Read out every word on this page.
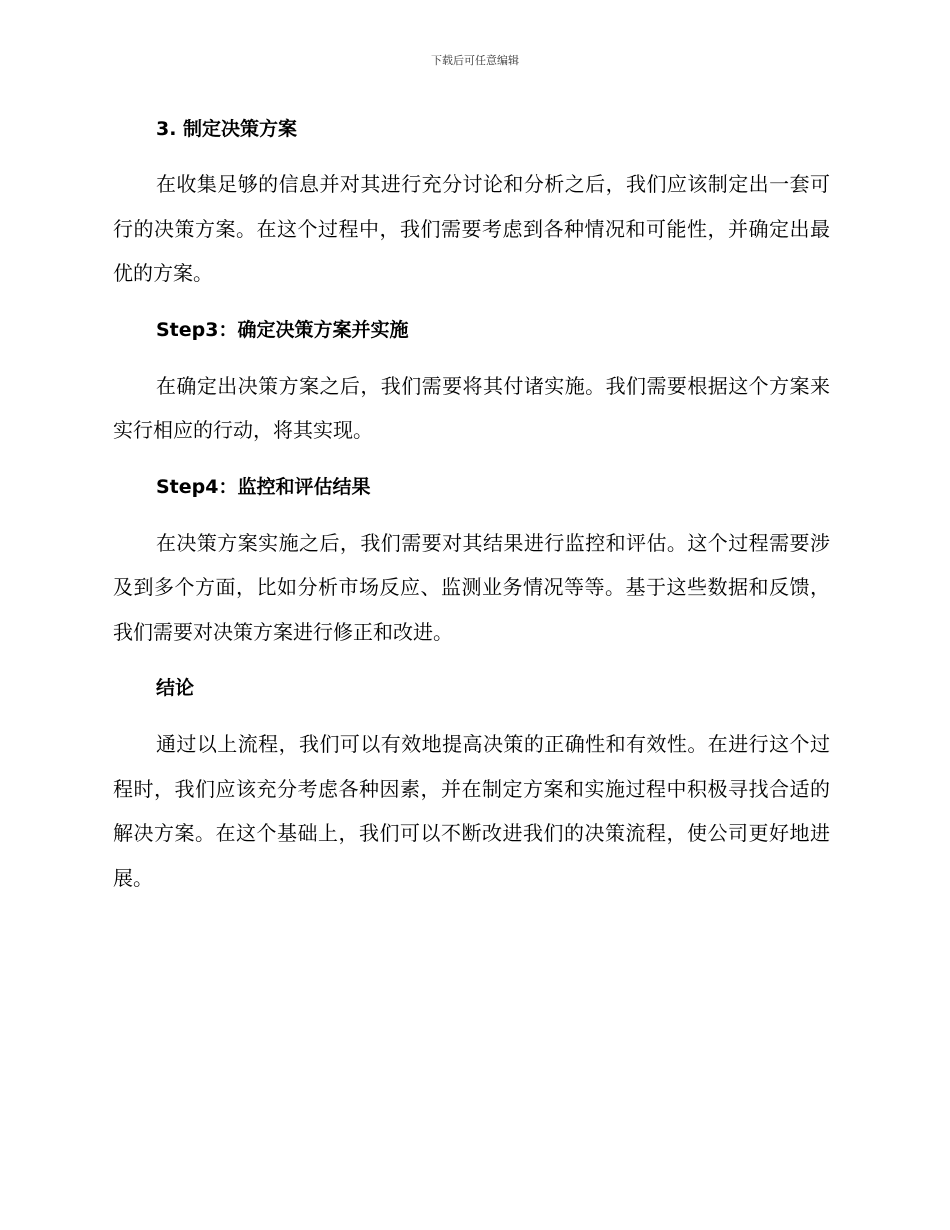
下载后可任意编辑
3. 制定决策方案

在收集足够的信息并对其进行充分讨论和分析之后，我们应该制定出一套可行的决策方案。在这个过程中，我们需要考虑到各种情况和可能性，并确定出最优的方案。

Step3：确定决策方案并实施

在确定出决策方案之后，我们需要将其付诸实施。我们需要根据这个方案来实行相应的行动，将其实现。

Step4：监控和评估结果

在决策方案实施之后，我们需要对其结果进行监控和评估。这个过程需要涉及到多个方面，比如分析市场反应、监测业务情况等等。基于这些数据和反馈，我们需要对决策方案进行修正和改进。

结论

通过以上流程，我们可以有效地提高决策的正确性和有效性。在进行这个过程时，我们应该充分考虑各种因素，并在制定方案和实施过程中积极寻找合适的解决方案。在这个基础上，我们可以不断改进我们的决策流程，使公司更好地进展。
